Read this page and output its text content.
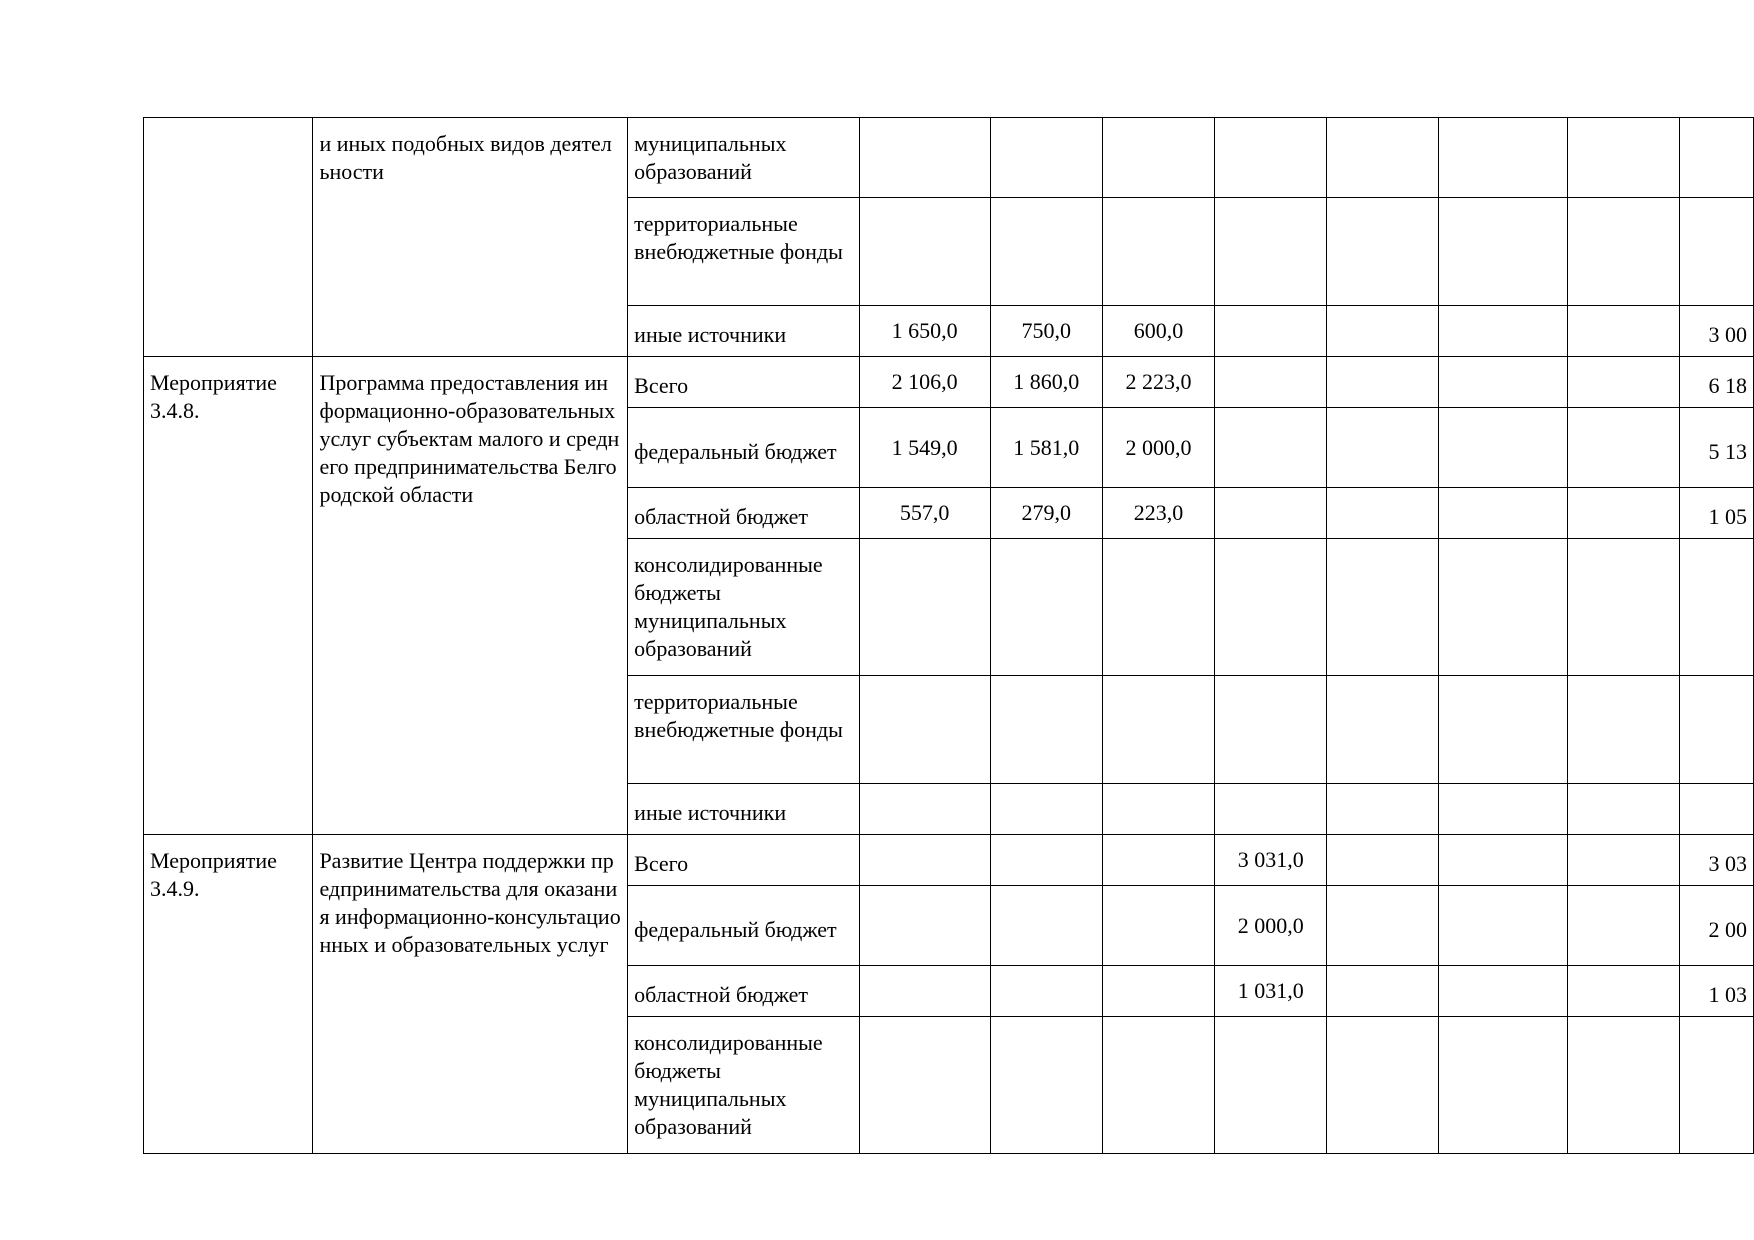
	и иных подобных видов деятельности	муниципальных образований								
		территориальные внебюджетные фонды								
		иные источники	1 650,0	750,0	600,0					3 00
Мероприятие 3.4.8.	Программа предоставления информационно-образовательных услуг субъектам малого и среднего предпринимательства Белгородской области	Всего	2 106,0	1 860,0	2 223,0					6 18
		федеральный бюджет	1 549,0	1 581,0	2 000,0					5 13
		областной бюджет	557,0	279,0	223,0					1 05
		консолидированные бюджеты муниципальных образований								
		территориальные внебюджетные фонды								
		иные источники								
Мероприятие 3.4.9.	Развитие Центра поддержки предпринимательства для оказания информационно-консультационных и образовательных услуг	Всего				3 031,0				3 03
		федеральный бюджет				2 000,0				2 00
		областной бюджет				1 031,0				1 03
		консолидированные бюджеты муниципальных образований								
